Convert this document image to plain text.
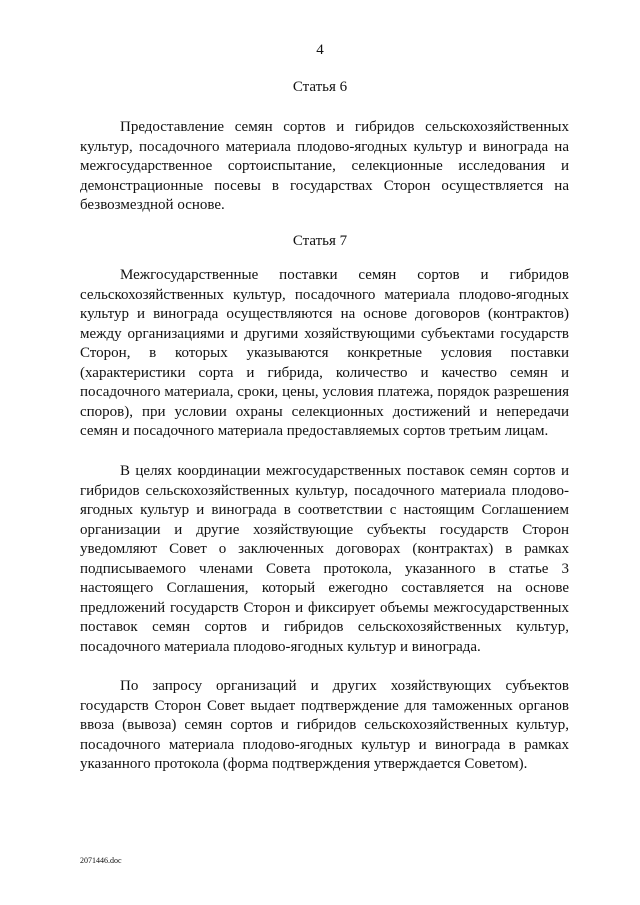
4
Статья 6

Предоставление семян сортов и гибридов сельскохозяйственных культур, посадочного материала плодово-ягодных культур и винограда на межгосударственное сортоиспытание, селекционные исследования и демонстрационные посевы в государствах Сторон осуществляется на безвозмездной основе.

Статья 7

Межгосударственные поставки семян сортов и гибридов сельскохозяйственных культур, посадочного материала плодово-ягодных культур и винограда осуществляются на основе договоров (контрактов) между организациями и другими хозяйствующими субъектами государств Сторон, в которых указываются конкретные условия поставки (характеристики сорта и гибрида, количество и качество семян и посадочного материала, сроки, цены, условия платежа, порядок разрешения споров), при условии охраны селекционных достижений и непередачи семян и посадочного материала предоставляемых сортов третьим лицам.

В целях координации межгосударственных поставок семян сортов и гибридов сельскохозяйственных культур, посадочного материала плодово-ягодных культур и винограда в соответствии с настоящим Соглашением организации и другие хозяйствующие субъекты государств Сторон уведомляют Совет о заключенных договорах (контрактах) в рамках подписываемого членами Совета протокола, указанного в статье 3 настоящего Соглашения, который ежегодно составляется на основе предложений государств Сторон и фиксирует объемы межгосударственных поставок семян сортов и гибридов сельскохозяйственных культур, посадочного материала плодово-ягодных культур и винограда.

По запросу организаций и других хозяйствующих субъектов государств Сторон Совет выдает подтверждение для таможенных органов ввоза (вывоза) семян сортов и гибридов сельскохозяйственных культур, посадочного материала плодово-ягодных культур и винограда в рамках указанного протокола (форма подтверждения утверждается Советом).

2071446.doc
